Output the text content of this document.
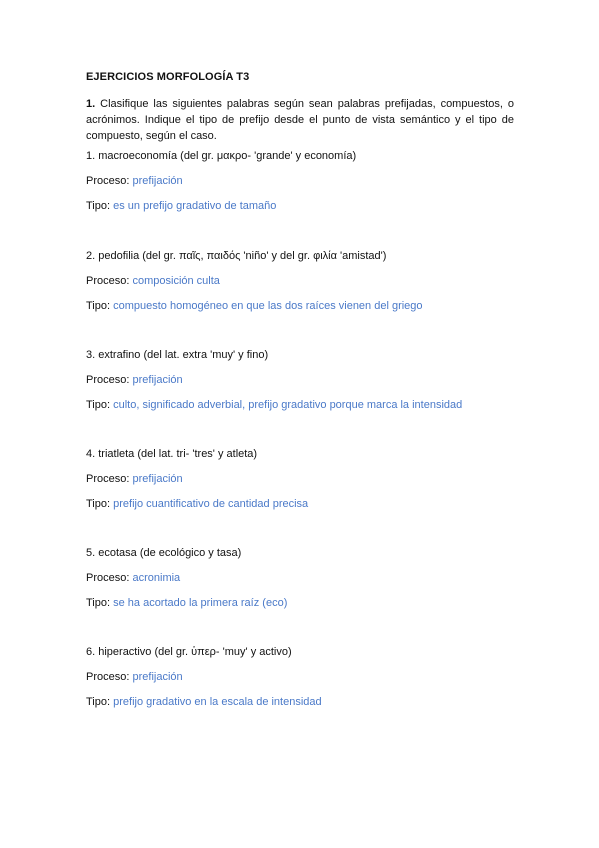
EJERCICIOS MORFOLOGÍA T3
1. Clasifique las siguientes palabras según sean palabras prefijadas, compuestos, o acrónimos. Indique el tipo de prefijo desde el punto de vista semántico y el tipo de compuesto, según el caso.
1. macroeconomía (del gr. μακρο- 'grande' y economía)
Proceso: prefijación
Tipo: es un prefijo gradativo de tamaño
2. pedofilia (del gr. παῖς, παιδός 'niño' y del gr. φιλία 'amistad')
Proceso: composición culta
Tipo: compuesto homogéneo en que las dos raíces vienen del griego
3. extrafino (del lat. extra 'muy' y fino)
Proceso: prefijación
Tipo: culto, significado adverbial, prefijo gradativo porque marca la intensidad
4. triatleta (del lat. tri- 'tres' y atleta)
Proceso: prefijación
Tipo: prefijo cuantificativo de cantidad precisa
5. ecotasa (de ecológico y tasa)
Proceso: acronimia
Tipo: se ha acortado la primera raíz (eco)
6. hiperactivo (del gr. ὑπερ- 'muy' y activo)
Proceso: prefijación
Tipo: prefijo gradativo en la escala de intensidad
